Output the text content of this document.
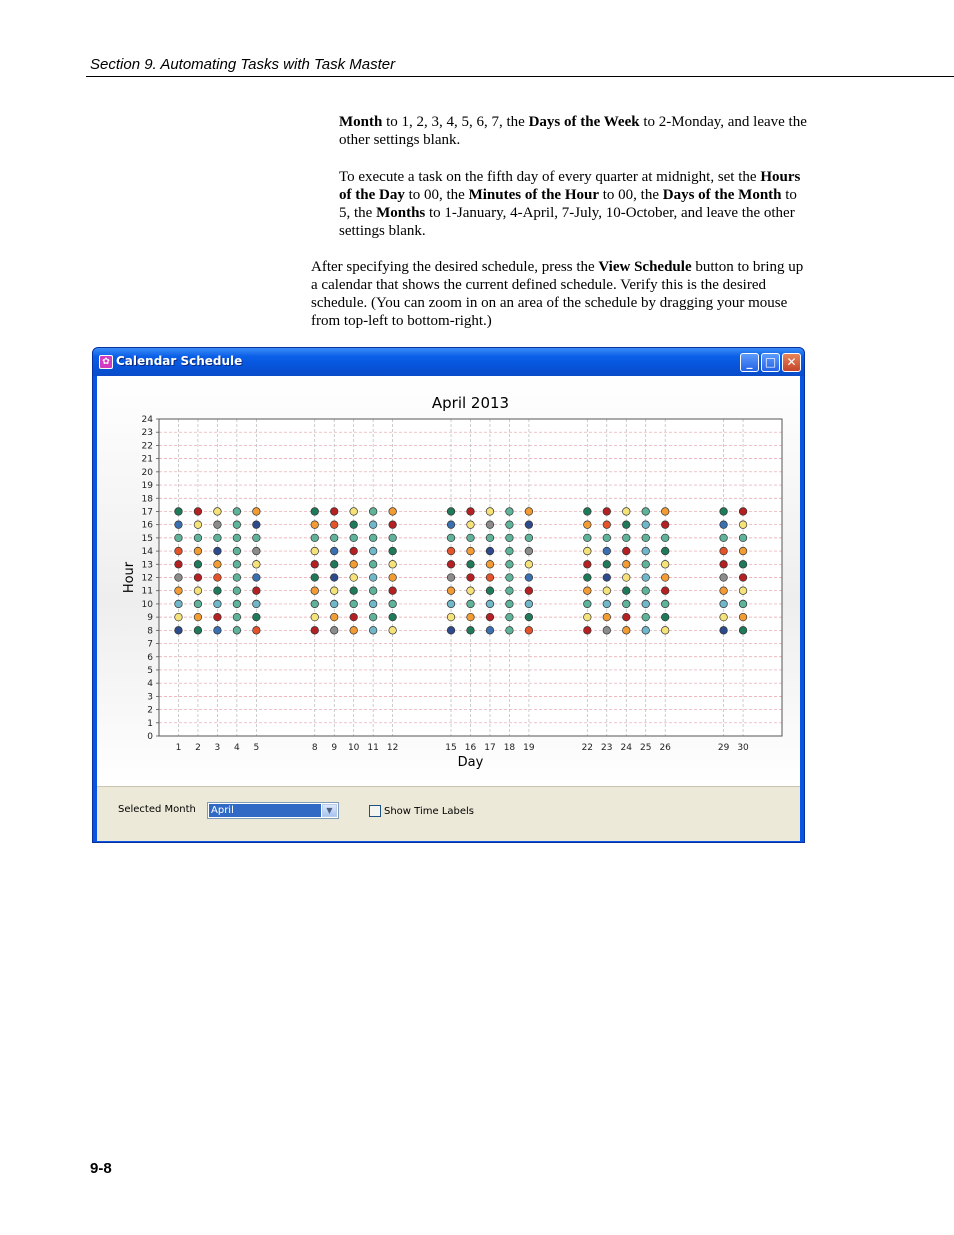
Section 9. Automating Tasks with Task Master
Month to 1, 2, 3, 4, 5, 6, 7, the Days of the Week to 2-Monday, and leave the other settings blank.
To execute a task on the fifth day of every quarter at midnight, set the Hours of the Day to 00, the Minutes of the Hour to 00, the Days of the Month to 5, the Months to 1-January, 4-April, 7-July, 10-October, and leave the other settings blank.
After specifying the desired schedule, press the View Schedule button to bring up a calendar that shows the current defined schedule. Verify this is the desired schedule. (You can zoom in on an area of the schedule by dragging your mouse from top-left to bottom-right.)
✿ Calendar Schedule	_	□ ✕
April 2013
0
1
2
3
4
5
6
7
8
9
10
11
12
13
14
15
16
17
18
19
20
21
22
23
24
1 2 3 4 5	8 9 10 11 12	15 16 17 18 19	22 23 24 25 26	29 30
Day
Hour
Selected Month April	▼	Show Time Labels
9-8
